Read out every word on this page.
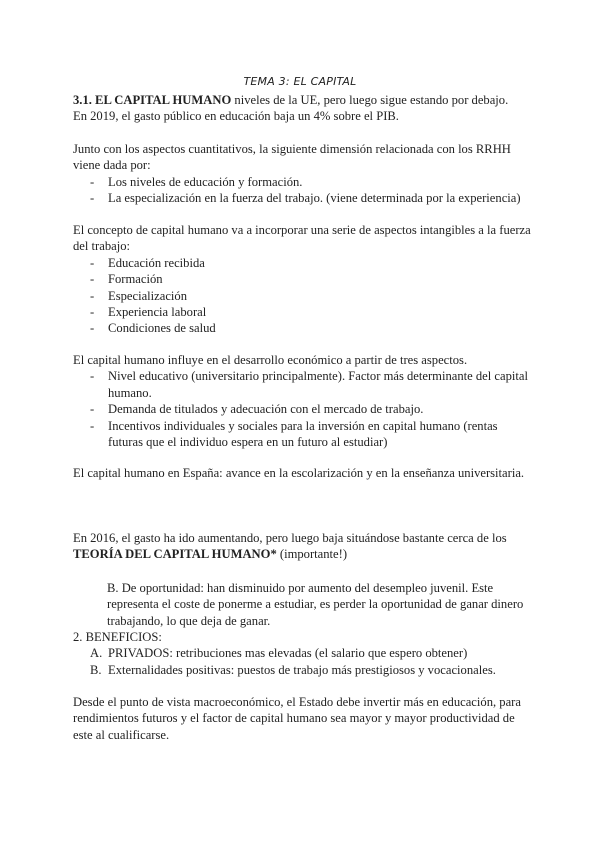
TEMA 3: EL CAPITAL

3.1. EL CAPITAL HUMANO niveles de la UE, pero luego sigue estando por debajo.

En 2019, el gasto público en educación baja un 4% sobre el PIB.

Junto con los aspectos cuantitativos, la siguiente dimensión relacionada con los RRHH viene dada por:

- Los niveles de educación y formación.
- La especialización en la fuerza del trabajo. (viene determinada por la experiencia)

El concepto de capital humano va a incorporar una serie de aspectos intangibles a la fuerza del trabajo:

- Educación recibida
- Formación
- Especialización
- Experiencia laboral
- Condiciones de salud

El capital humano influye en el desarrollo económico a partir de tres aspectos.

- Nivel educativo (universitario principalmente). Factor más determinante del capital humano.
- Demanda de titulados y adecuación con el mercado de trabajo.
- Incentivos individuales y sociales para la inversión en capital humano (rentas futuras que el individuo espera en un futuro al estudiar)

El capital humano en España: avance en la escolarización y en la enseñanza universitaria.

En 2016, el gasto ha ido aumentando, pero luego baja situándose bastante cerca de los

TEORÍA DEL CAPITAL HUMANO* (importante!)

B. De oportunidad: han disminuido por aumento del desempleo juvenil. Este representa el coste de ponerme a estudiar, es perder la oportunidad de ganar dinero trabajando, lo que deja de ganar.

2. BENEFICIOS:

A. PRIVADOS: retribuciones mas elevadas (el salario que espero obtener)
B. Externalidades positivas: puestos de trabajo más prestigiosos y vocacionales.

Desde el punto de vista macroeconómico, el Estado debe invertir más en educación, para rendimientos futuros y el factor de capital humano sea mayor y mayor productividad de este al cualificarse.
